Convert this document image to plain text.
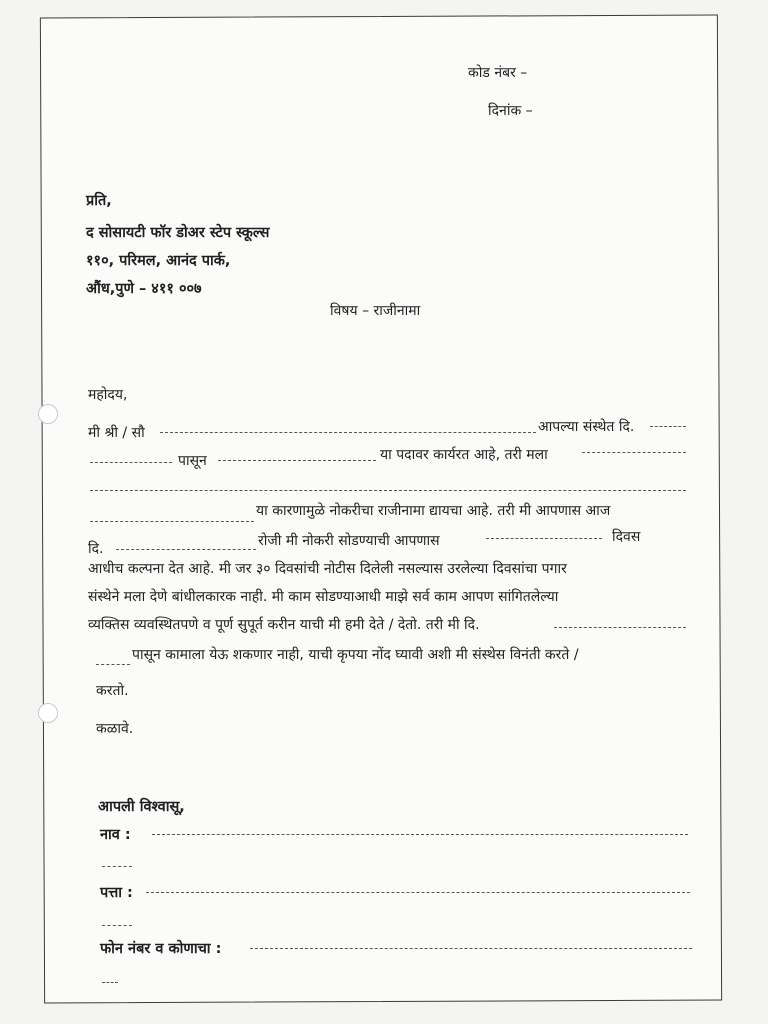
कोड नंबर –
दिनांक –
प्रति,
द सोसायटी फॉर डोअर स्टेप स्कूल्स
११०, परिमल, आनंद पार्क,
औंध,पुणे – ४११ ००७
विषय – राजीनामा
महोदय,
मी श्री / सौ	आपल्या संस्थेत दि.
पासून	या पदावर कार्यरत आहे, तरी मला
या कारणामुळे नोकरीचा राजीनामा द्यायचा आहे. तरी मी आपणास आज
दि.	रोजी मी नोकरी सोडण्याची आपणास	दिवस
आधीच कल्पना देत आहे. मी जर ३० दिवसांची नोटीस दिलेली नसल्यास उरलेल्या दिवसांचा पगार
संस्थेने मला देणे बांधीलकारक नाही. मी काम सोडण्याआधी माझे सर्व काम आपण सांगितलेल्या
व्यक्तिस व्यवस्थितपणे व पूर्ण सुपूर्त करीन याची मी हमी देते / देतो. तरी मी दि.
पासून कामाला येऊ शकणार नाही, याची कृपया नोंद घ्यावी अशी मी संस्थेस विनंती करते /
करतो.
कळावे.
आपली विश्वासू,
नाव :
पत्ता :
फोन नंबर व कोणाचा :
